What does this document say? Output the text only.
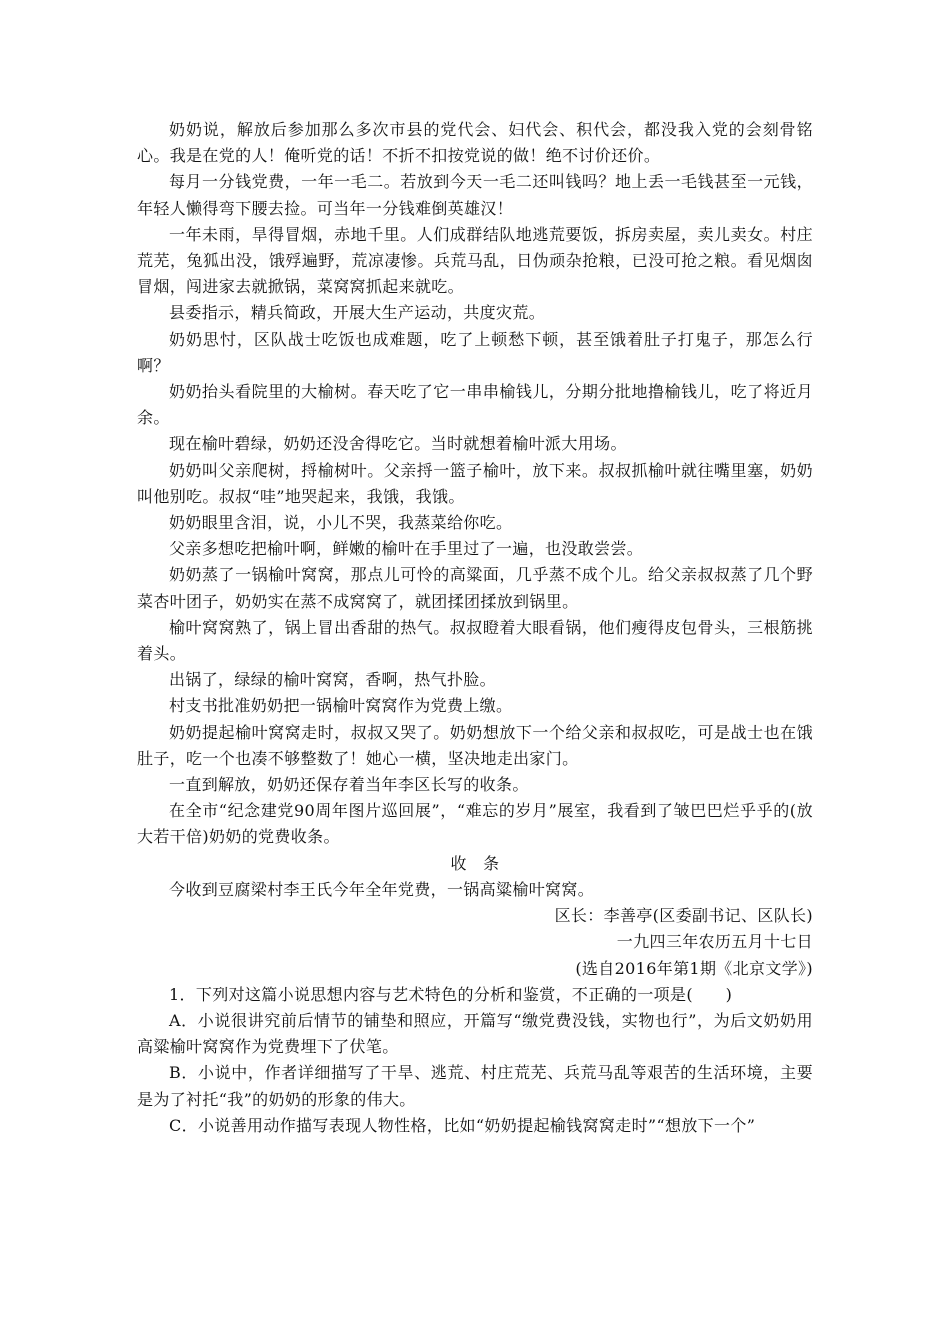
奶奶说，解放后参加那么多次市县的党代会、妇代会、积代会，都没我入党的会刻骨铭心。我是在党的人！俺听党的话！不折不扣按党说的做！绝不讨价还价。

每月一分钱党费，一年一毛二。若放到今天一毛二还叫钱吗？地上丢一毛钱甚至一元钱，年轻人懒得弯下腰去捡。可当年一分钱难倒英雄汉！

一年未雨，旱得冒烟，赤地千里。人们成群结队地逃荒要饭，拆房卖屋，卖儿卖女。村庄荒芜，兔狐出没，饿殍遍野，荒凉凄惨。兵荒马乱，日伪顽杂抢粮，已没可抢之粮。看见烟囱冒烟，闯进家去就掀锅，菜窝窝抓起来就吃。

县委指示，精兵简政，开展大生产运动，共度灾荒。

奶奶思忖，区队战士吃饭也成难题，吃了上顿愁下顿，甚至饿着肚子打鬼子，那怎么行啊？

奶奶抬头看院里的大榆树。春天吃了它一串串榆钱儿，分期分批地撸榆钱儿，吃了将近月余。

现在榆叶碧绿，奶奶还没舍得吃它。当时就想着榆叶派大用场。

奶奶叫父亲爬树，捋榆树叶。父亲捋一篮子榆叶，放下来。叔叔抓榆叶就往嘴里塞，奶奶叫他别吃。叔叔“哇”地哭起来，我饿，我饿。

奶奶眼里含泪，说，小儿不哭，我蒸菜给你吃。

父亲多想吃把榆叶啊，鲜嫩的榆叶在手里过了一遍，也没敢尝尝。

奶奶蒸了一锅榆叶窝窝，那点儿可怜的高粱面，几乎蒸不成个儿。给父亲叔叔蒸了几个野菜杏叶团子，奶奶实在蒸不成窝窝了，就团揉团揉放到锅里。

榆叶窝窝熟了，锅上冒出香甜的热气。叔叔瞪着大眼看锅，他们瘦得皮包骨头，三根筋挑着头。

出锅了，绿绿的榆叶窝窝，香啊，热气扑脸。

村支书批准奶奶把一锅榆叶窝窝作为党费上缴。

奶奶提起榆叶窝窝走时，叔叔又哭了。奶奶想放下一个给父亲和叔叔吃，可是战士也在饿肚子，吃一个也凑不够整数了！她心一横，坚决地走出家门。

一直到解放，奶奶还保存着当年李区长写的收条。

在全市“纪念建党90周年图片巡回展”，“难忘的岁月”展室，我看到了皱巴巴烂乎乎的(放大若干倍)奶奶的党费收条。

收　条

今收到豆腐梁村李王氏今年全年党费，一锅高粱榆叶窝窝。

区长：李善亭(区委副书记、区队长)

一九四三年农历五月十七日

(选自2016年第1期《北京文学》)

1．下列对这篇小说思想内容与艺术特色的分析和鉴赏，不正确的一项是(　　)

A．小说很讲究前后情节的铺垫和照应，开篇写“缴党费没钱，实物也行”，为后文奶奶用高粱榆叶窝窝作为党费埋下了伏笔。

B．小说中，作者详细描写了干旱、逃荒、村庄荒芜、兵荒马乱等艰苦的生活环境，主要是为了衬托“我”的奶奶的形象的伟大。

C．小说善用动作描写表现人物性格，比如“奶奶提起榆钱窝窝走时”“想放下一个”
